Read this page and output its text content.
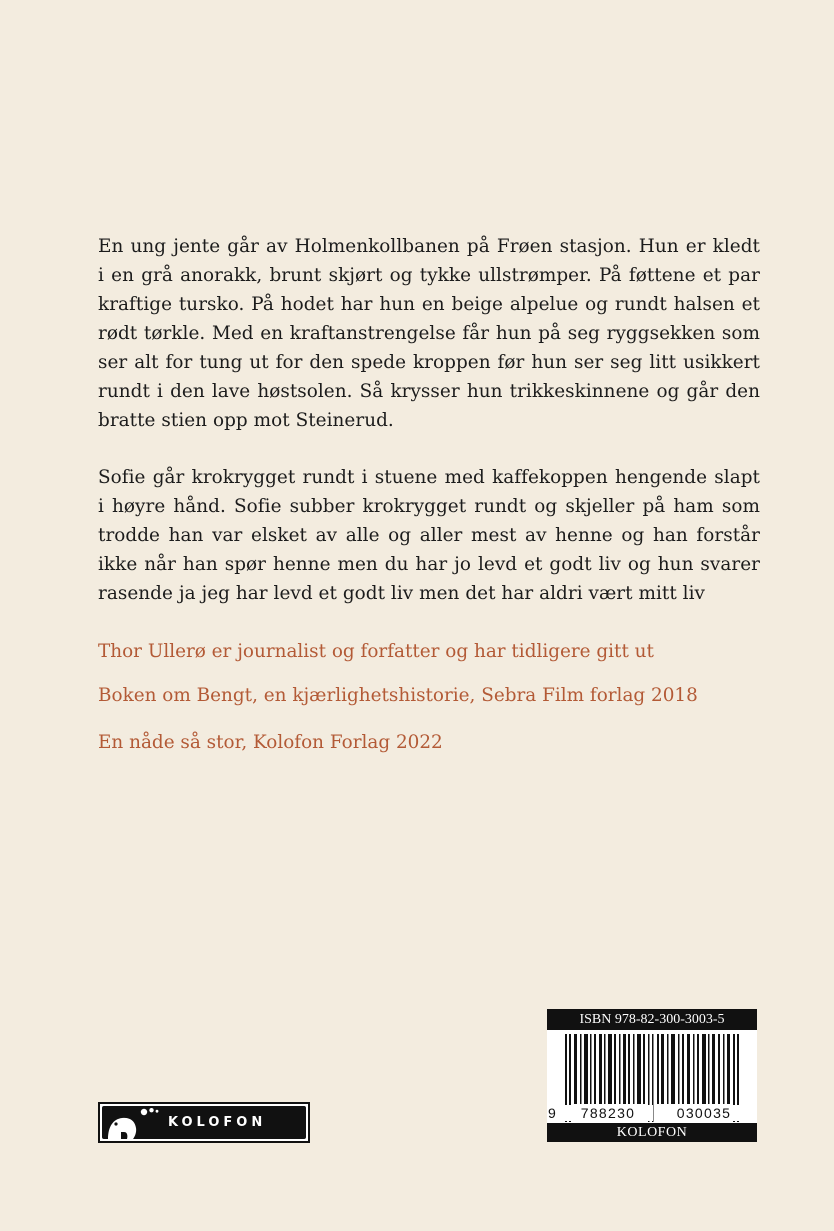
En ung jente går av Holmenkollbanen på Frøen stasjon. Hun er kledt
i en grå anorakk, brunt skjørt og tykke ullstrømper. På føttene et par
kraftige tursko. På hodet har hun en beige alpelue og rundt halsen et
rødt tørkle. Med en kraftanstrengelse får hun på seg ryggsekken som
ser alt for tung ut for den spede kroppen før hun ser seg litt usikkert
rundt i den lave høstsolen. Så krysser hun trikkeskinnene og går den
bratte stien opp mot Steinerud.

Sofie går krokrygget rundt i stuene med kaffekoppen hengende slapt
i høyre hånd. Sofie subber krokrygget rundt og skjeller på ham som
trodde han var elsket av alle og aller mest av henne og han forstår
ikke når han spør henne men du har jo levd et godt liv og hun svarer
rasende ja jeg har levd et godt liv men det har aldri vært mitt liv

Thor Ullerø er journalist og forfatter og har tidligere gitt ut

Boken om Bengt, en kjærlighetshistorie, Sebra Film forlag 2018

En nåde så stor, Kolofon Forlag 2022

KOLOFON
ISBN 978-82-300-3003-5
9	788230	030035
KOLOFON
